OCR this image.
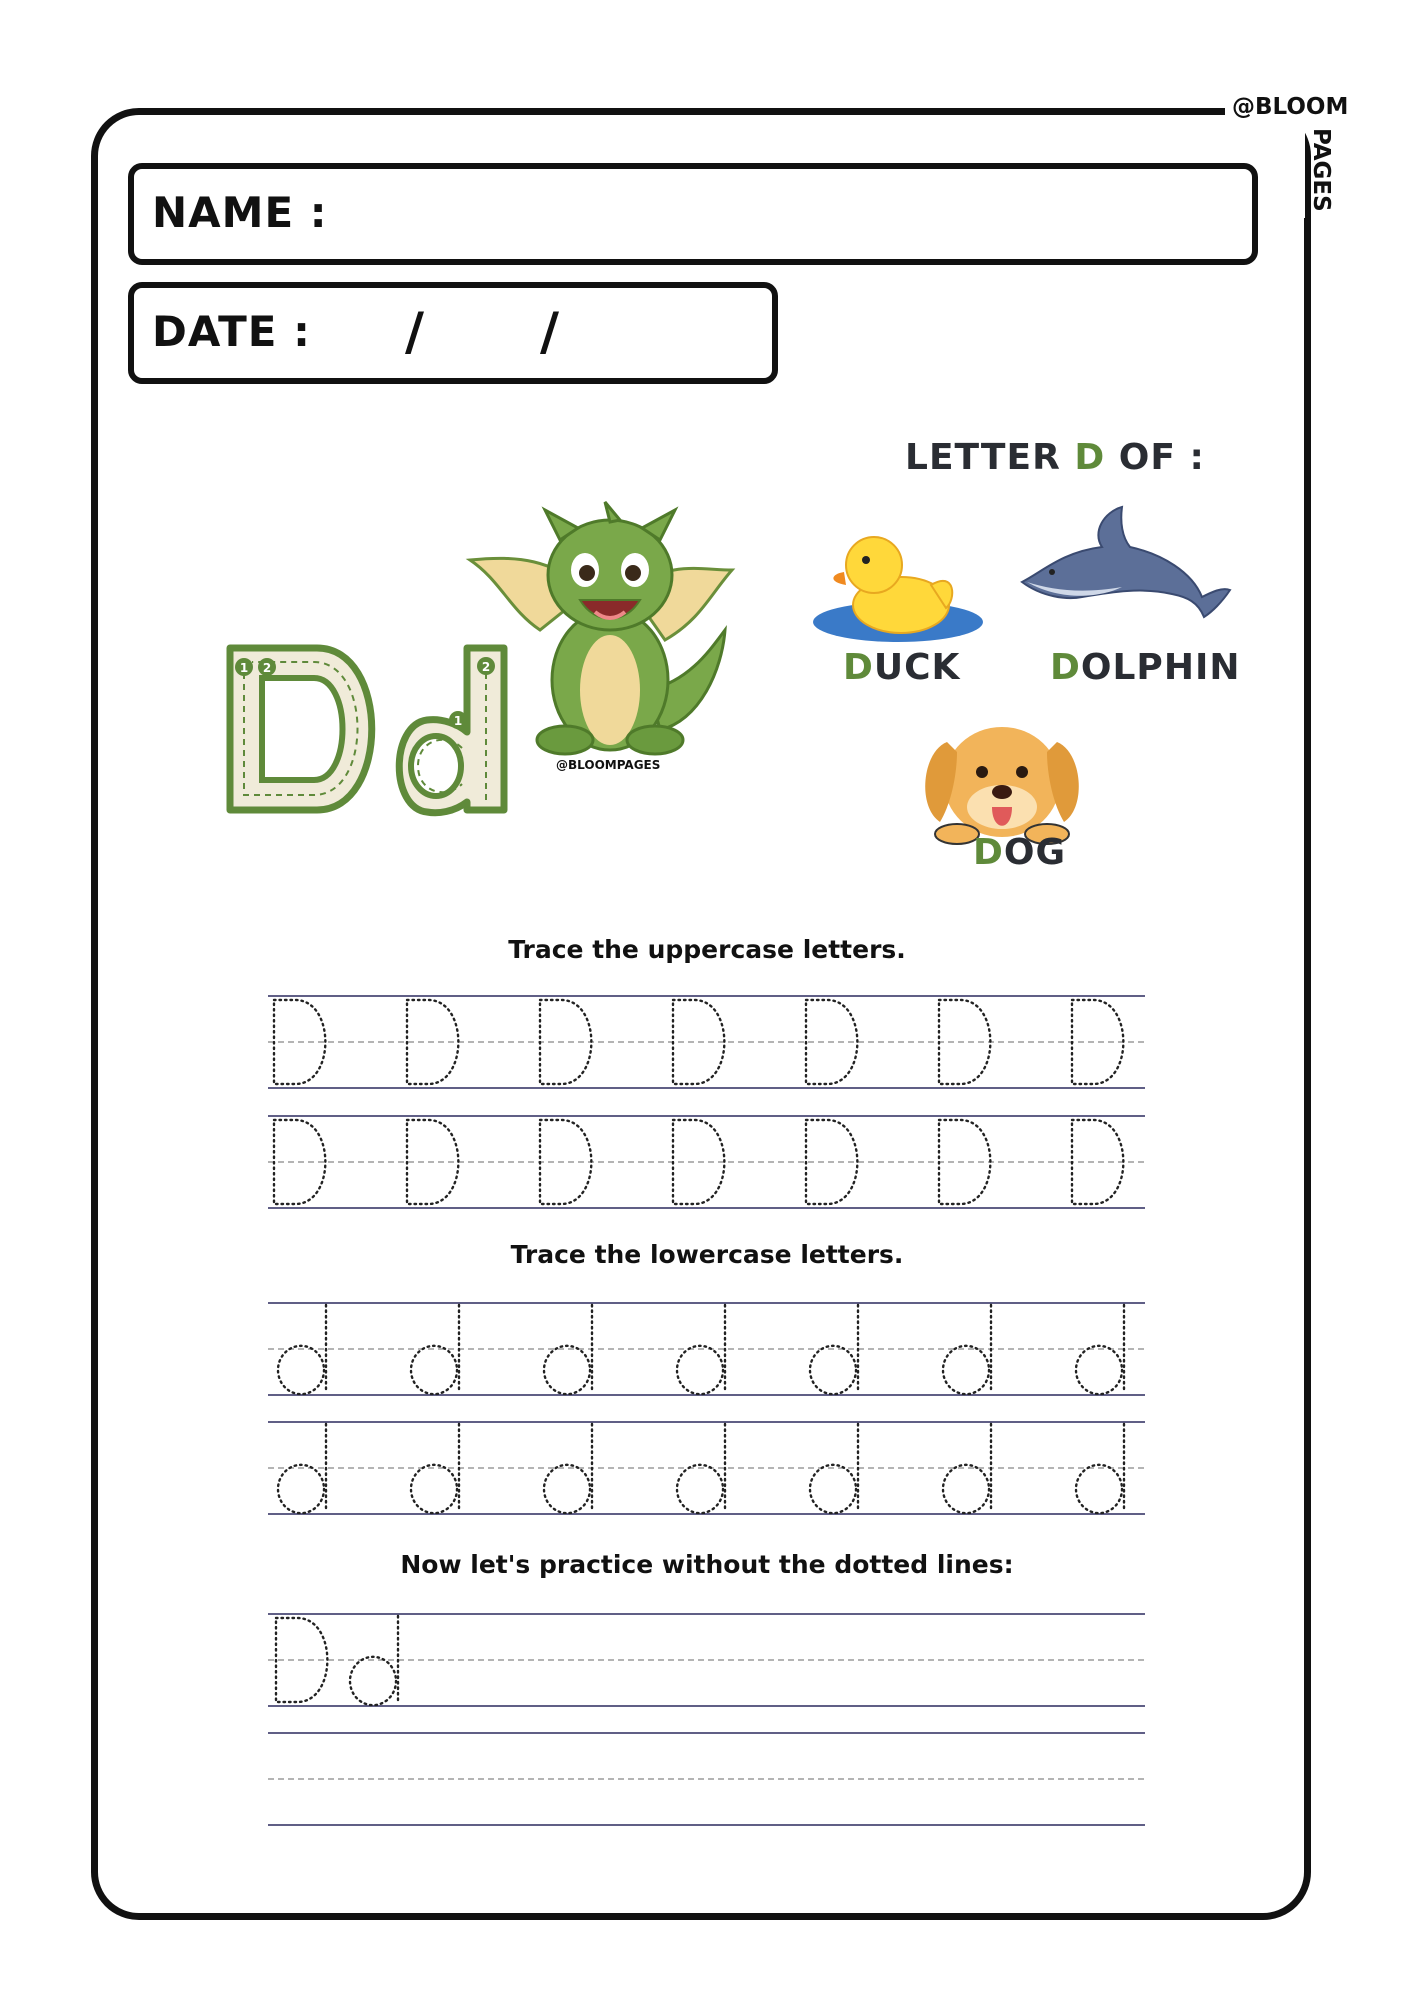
@BLOOM
PAGES
NAME :
DATE : / /
LETTER D OF :
1 2	2
1
@BLOOMPAGES
DUCK DOLPHIN
DOG
Trace the uppercase letters.
Trace the lowercase letters.
Now let's practice without the dotted lines:
